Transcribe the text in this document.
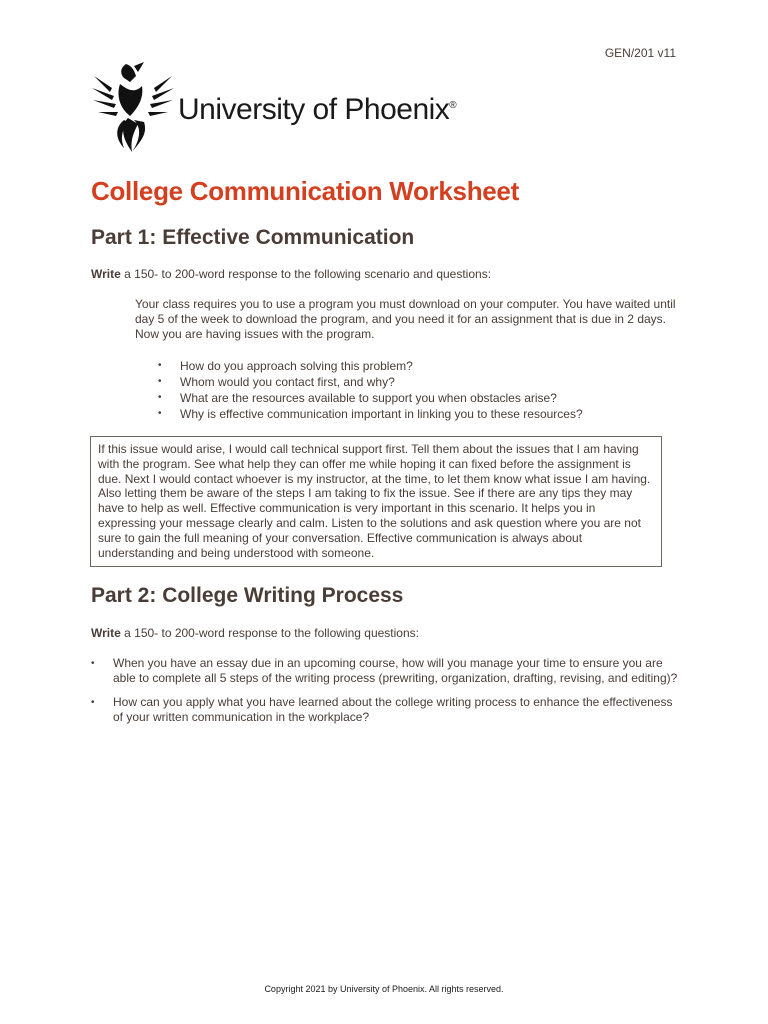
GEN/201 v11
University of Phoenix®
College Communication Worksheet
Part 1: Effective Communication
Write a 150- to 200-word response to the following scenario and questions:
Your class requires you to use a program you must download on your computer. You have waited until day 5 of the week to download the program, and you need it for an assignment that is due in 2 days. Now you are having issues with the program.
• How do you approach solving this problem?
• Whom would you contact first, and why?
• What are the resources available to support you when obstacles arise?
• Why is effective communication important in linking you to these resources?
If this issue would arise, I would call technical support first. Tell them about the issues that I am having with the program. See what help they can offer me while hoping it can fixed before the assignment is due. Next I would contact whoever is my instructor, at the time, to let them know what issue I am having. Also letting them be aware of the steps I am taking to fix the issue. See if there are any tips they may have to help as well. Effective communication is very important in this scenario. It helps you in expressing your message clearly and calm. Listen to the solutions and ask question where you are not sure to gain the full meaning of your conversation. Effective communication is always about understanding and being understood with someone.
Part 2: College Writing Process
Write a 150- to 200-word response to the following questions:
• When you have an essay due in an upcoming course, how will you manage your time to ensure you are able to complete all 5 steps of the writing process (prewriting, organization, drafting, revising, and editing)?
• How can you apply what you have learned about the college writing process to enhance the effectiveness of your written communication in the workplace?
Copyright 2021 by University of Phoenix. All rights reserved.
